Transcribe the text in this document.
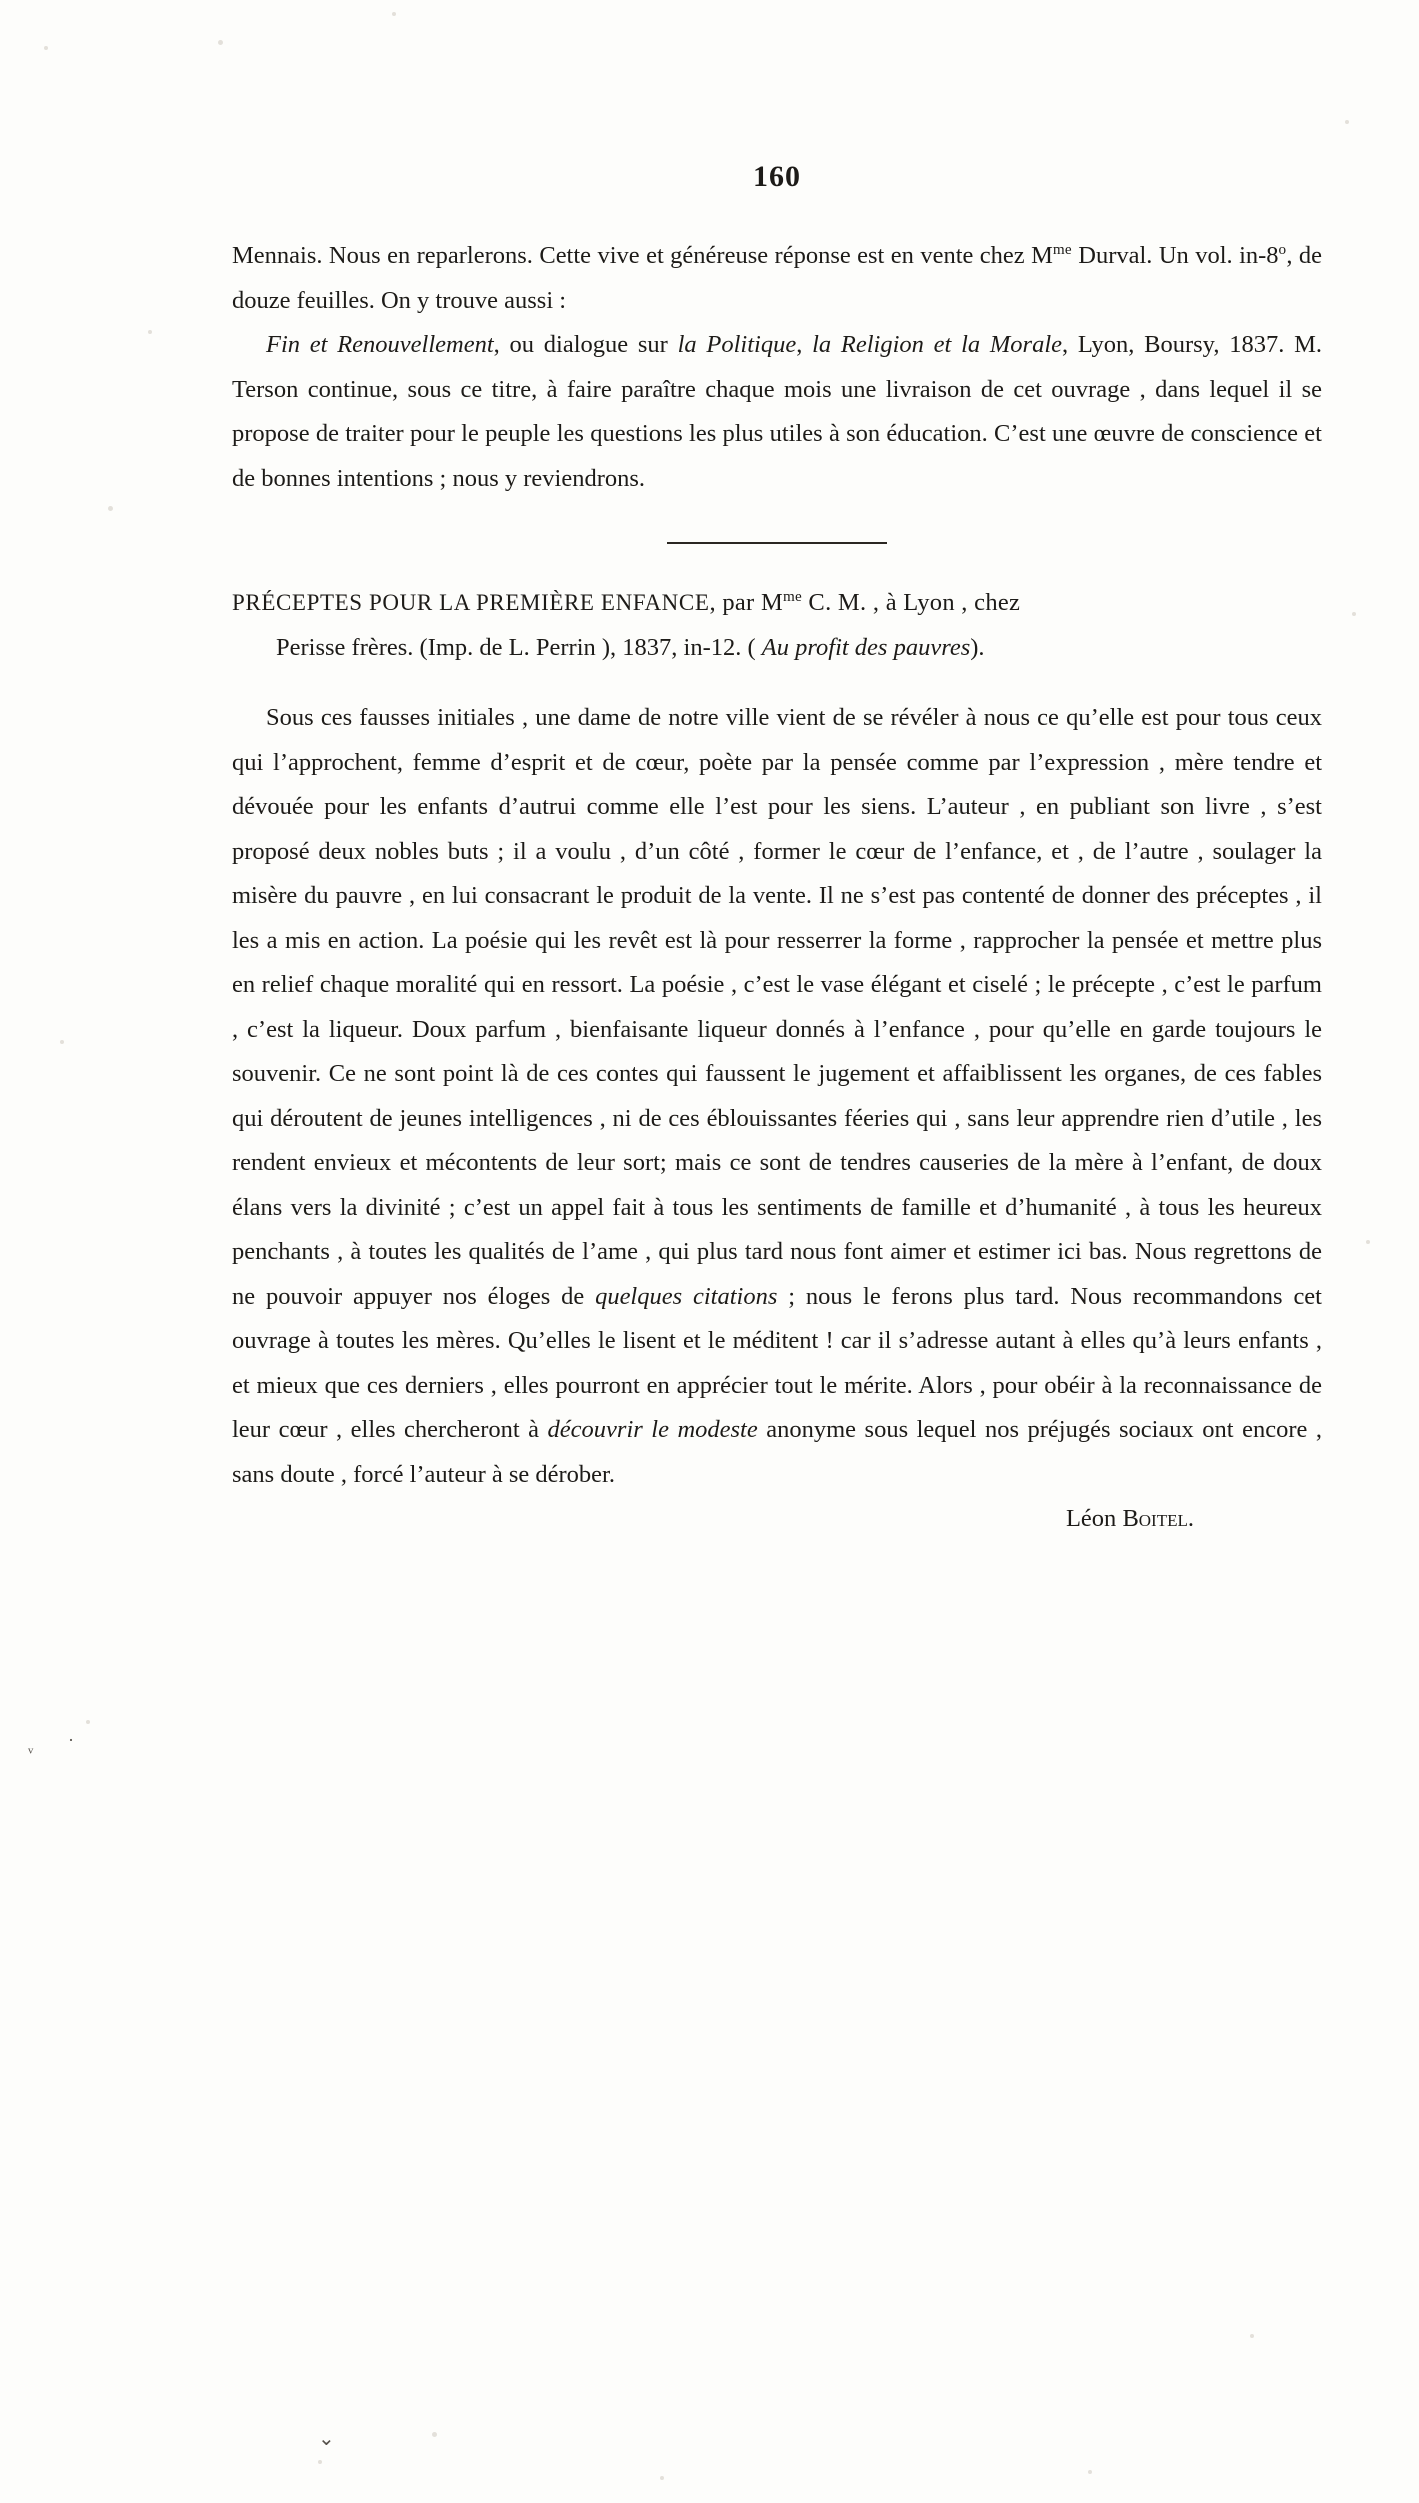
ᵥ ·
⌄
160

Mennais. Nous en reparlerons. Cette vive et généreuse réponse est en vente chez $M^{me}$ Durval. Un vol. in-8$^o$, de douze feuilles. On y trouve aussi :

Fin et Renouvellement, ou dialogue sur la Politique, la Religion et la Morale, Lyon, Boursy, 1837. M. Terson continue, sous ce titre, à faire paraître chaque mois une livraison de cet ouvrage , dans lequel il se propose de traiter pour le peuple les questions les plus utiles à son éducation. C’est une œuvre de conscience et de bonnes intentions ; nous y reviendrons.

PRÉCEPTES POUR LA PREMIÈRE ENFANCE, par $M^{me}$ C. M. , à Lyon , chez
Perisse frères. (Imp. de L. Perrin ), 1837, in-12. ( Au profit des pauvres).

Sous ces fausses initiales , une dame de notre ville vient de se révéler à nous ce qu’elle est pour tous ceux qui l’approchent, femme d’esprit et de cœur, poète par la pensée comme par l’expression , mère tendre et dévouée pour les enfants d’autrui comme elle l’est pour les siens. L’auteur , en publiant son livre , s’est proposé deux nobles buts ; il a voulu , d’un côté , former le cœur de l’enfance, et , de l’autre , soulager la misère du pauvre , en lui consacrant le produit de la vente. Il ne s’est pas contenté de donner des préceptes , il les a mis en action. La poésie qui les revêt est là pour resserrer la forme , rapprocher la pensée et mettre plus en relief chaque moralité qui en ressort. La poésie , c’est le vase élégant et ciselé ; le précepte , c’est le parfum , c’est la liqueur. Doux parfum , bienfaisante liqueur donnés à l’enfance , pour qu’elle en garde toujours le souvenir. Ce ne sont point là de ces contes qui faussent le jugement et affaiblissent les organes, de ces fables qui déroutent de jeunes intelligences , ni de ces éblouissantes féeries qui , sans leur apprendre rien d’utile , les rendent envieux et mécontents de leur sort; mais ce sont de tendres causeries de la mère à l’enfant, de doux élans vers la divinité ; c’est un appel fait à tous les sentiments de famille et d’humanité , à tous les heureux penchants , à toutes les qualités de l’ame , qui plus tard nous font aimer et estimer ici bas. Nous regrettons de ne pouvoir appuyer nos éloges de quelques citations ; nous le ferons plus tard. Nous recommandons cet ouvrage à toutes les mères. Qu’elles le lisent et le méditent ! car il s’adresse autant à elles qu’à leurs enfants , et mieux que ces derniers , elles pourront en apprécier tout le mérite. Alors , pour obéir à la reconnaissance de leur cœur , elles chercheront à découvrir le modeste anonyme sous lequel nos préjugés sociaux ont encore , sans doute , forcé l’auteur à se dérober.

Léon Boitel.
